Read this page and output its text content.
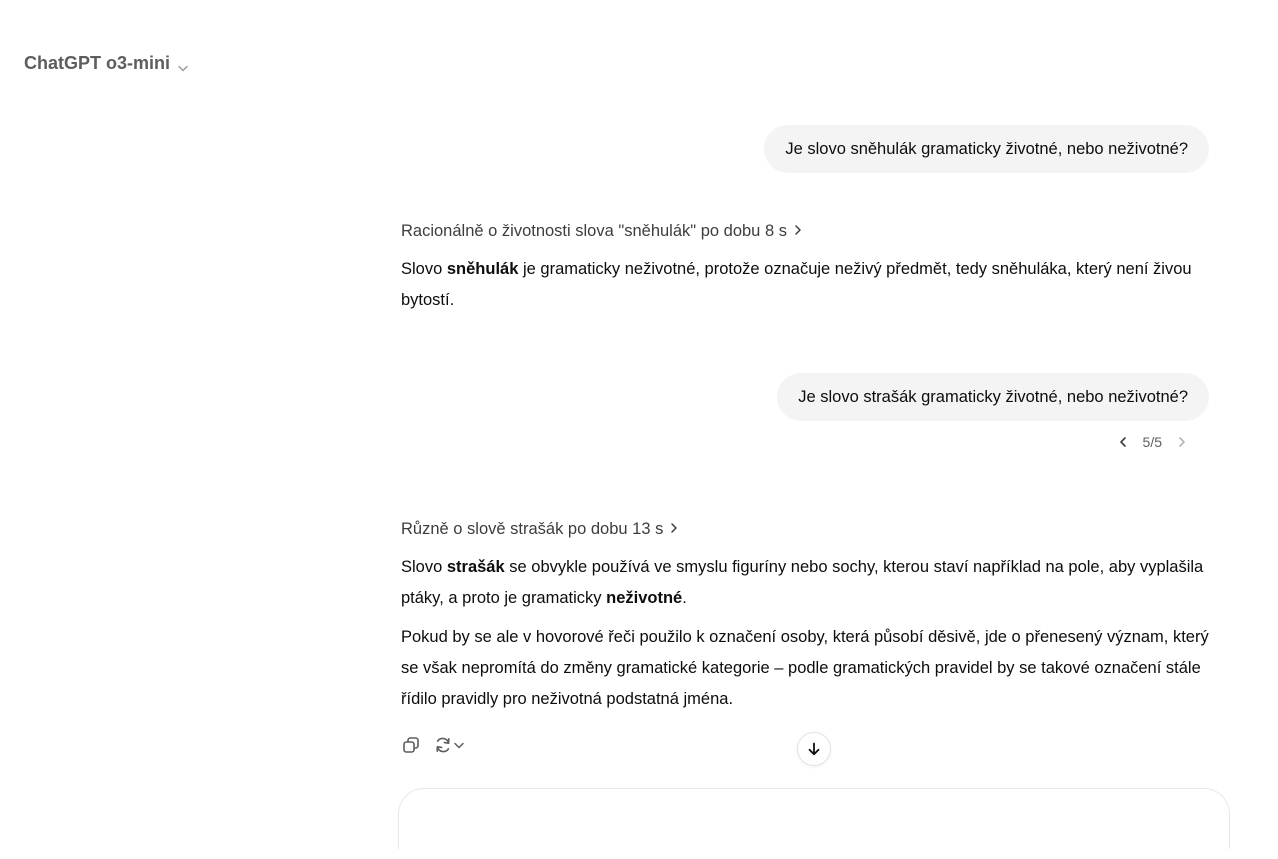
ChatGPT o3-mini
Je slovo sněhulák gramaticky životné, nebo neživotné?
Racionálně o životnosti slova "sněhulák" po dobu 8 s

Slovo sněhulák je gramaticky neživotné, protože označuje neživý předmět, tedy sněhuláka, který není živou bytostí.

Je slovo strašák gramaticky životné, nebo neživotné?
5/5
Různě o slově strašák po dobu 13 s

Slovo strašák se obvykle používá ve smyslu figuríny nebo sochy, kterou staví například na pole, aby vyplašila ptáky, a proto je gramaticky neživotné.

Pokud by se ale v hovorové řeči použilo k označení osoby, která působí děsivě, jde o přenesený význam, který se však nepromítá do změny gramatické kategorie – podle gramatických pravidel by se takové označení stále řídilo pravidly pro neživotná podstatná jména.
